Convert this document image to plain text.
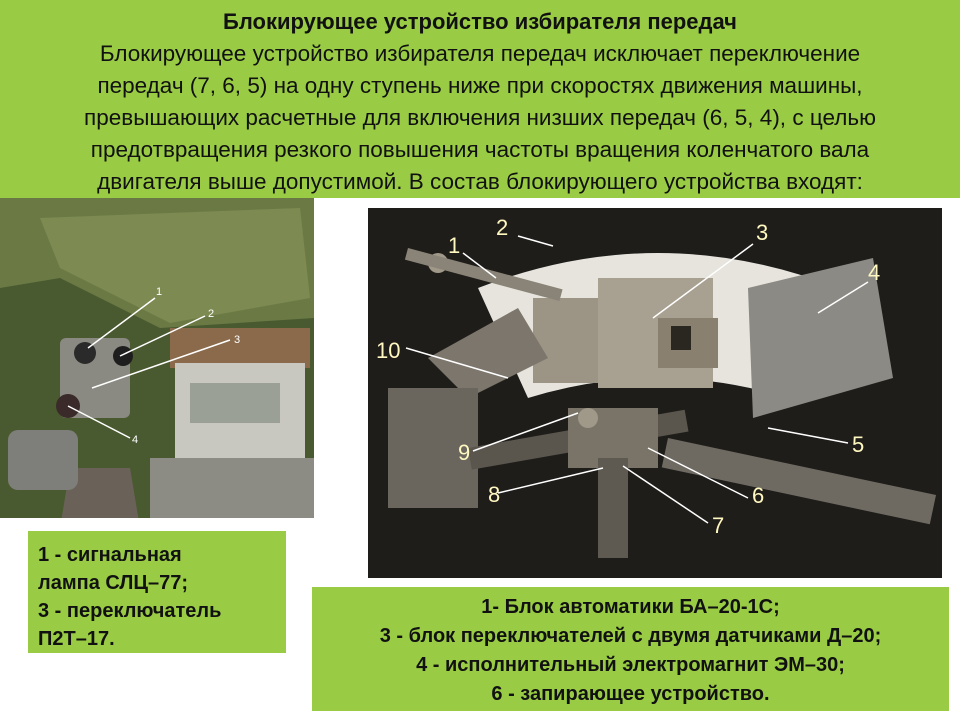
Блокирующее устройство избирателя передач
Блокирующее устройство избирателя передач исключает переключение
передач (7, 6, 5) на одну ступень ниже при скоростях движения машины,
превышающих расчетные для включения низших передач (6, 5, 4), с целью
предотвращения резкого повышения частоты вращения коленчатого вала
двигателя выше допустимой. В состав блокирующего устройства входят:
1
2
3
4
1
2	3
4
5
6
7
8
9
10
1 - сигнальная
лампа СЛЦ–77;
3 - переключатель
П2Т–17.
1- Блок автоматики БА–20-1С;
3 - блок переключателей с двумя датчиками Д–20;
4 - исполнительный электромагнит ЭМ–30;
6 - запирающее устройство.
